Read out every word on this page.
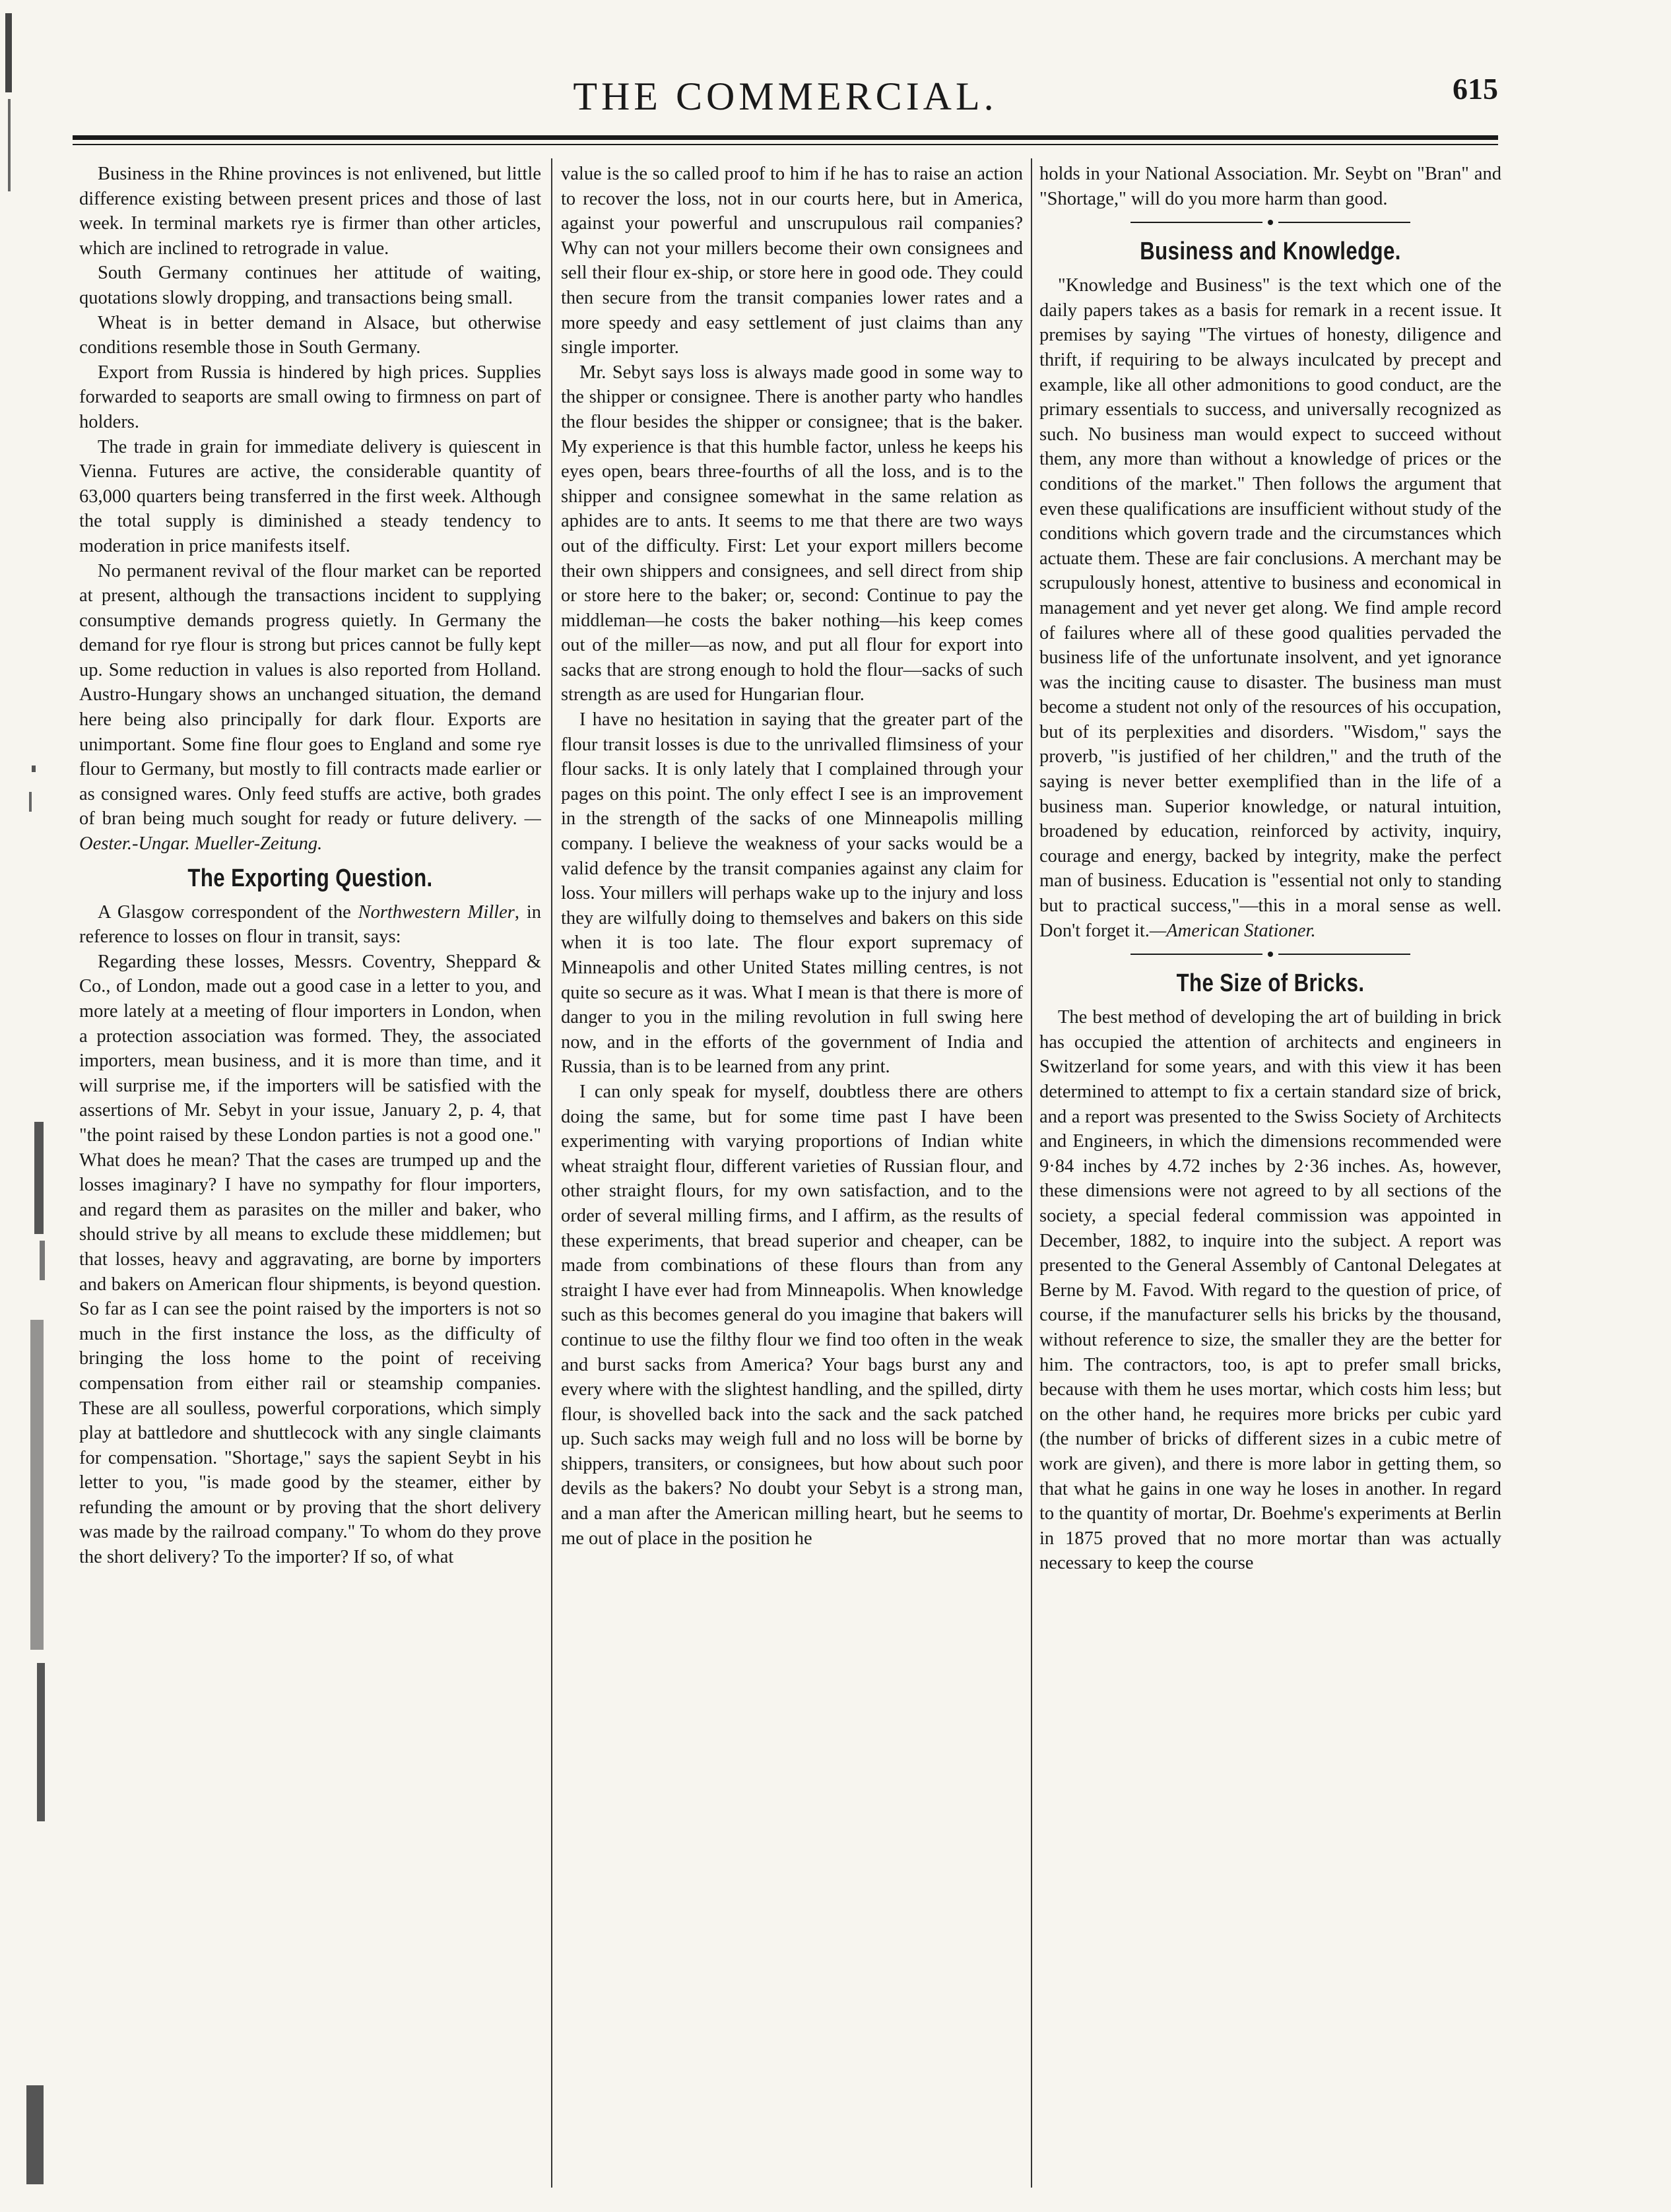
THE COMMERCIAL.	615

Business in the Rhine provinces is not enlivened, but little difference existing between present prices and those of last week. In terminal markets rye is firmer than other articles, which are inclined to retrograde in value.

South Germany continues her attitude of waiting, quotations slowly dropping, and transactions being small.

Wheat is in better demand in Alsace, but otherwise conditions resemble those in South Germany.

Export from Russia is hindered by high prices. Supplies forwarded to seaports are small owing to firmness on part of holders.

The trade in grain for immediate delivery is quiescent in Vienna. Futures are active, the considerable quantity of 63,000 quarters being transferred in the first week. Although the total supply is diminished a steady tendency to moderation in price manifests itself.

No permanent revival of the flour market can be reported at present, although the transactions incident to supplying consumptive demands progress quietly. In Germany the demand for rye flour is strong but prices cannot be fully kept up. Some reduction in values is also reported from Holland. Austro-Hungary shows an unchanged situation, the demand here being also principally for dark flour. Exports are unimportant. Some fine flour goes to England and some rye flour to Germany, but mostly to fill contracts made earlier or as consigned wares. Only feed stuffs are active, both grades of bran being much sought for ready or future delivery. —Oester.-Ungar. Mueller-Zeitung.

The Exporting Question.

A Glasgow correspondent of the Northwestern Miller, in reference to losses on flour in transit, says:

Regarding these losses, Messrs. Coventry, Sheppard & Co., of London, made out a good case in a letter to you, and more lately at a meeting of flour importers in London, when a protection association was formed. They, the associated importers, mean business, and it is more than time, and it will surprise me, if the importers will be satisfied with the assertions of Mr. Sebyt in your issue, January 2, p. 4, that "the point raised by these London parties is not a good one." What does he mean? That the cases are trumped up and the losses imaginary? I have no sympathy for flour importers, and regard them as parasites on the miller and baker, who should strive by all means to exclude these middlemen; but that losses, heavy and aggravating, are borne by importers and bakers on American flour shipments, is beyond question. So far as I can see the point raised by the importers is not so much in the first instance the loss, as the difficulty of bringing the loss home to the point of receiving compensation from either rail or steamship companies. These are all soulless, powerful corporations, which simply play at battledore and shuttlecock with any single claimants for compensation. "Shortage," says the sapient Seybt in his letter to you, "is made good by the steamer, either by refunding the amount or by proving that the short delivery was made by the railroad company." To whom do they prove the short delivery? To the importer? If so, of what

value is the so called proof to him if he has to raise an action to recover the loss, not in our courts here, but in America, against your powerful and unscrupulous rail companies? Why can not your millers become their own consignees and sell their flour ex-ship, or store here in good ode. They could then secure from the transit companies lower rates and a more speedy and easy settlement of just claims than any single importer.

Mr. Sebyt says loss is always made good in some way to the shipper or consignee. There is another party who handles the flour besides the shipper or consignee; that is the baker. My experience is that this humble factor, unless he keeps his eyes open, bears three-fourths of all the loss, and is to the shipper and consignee somewhat in the same relation as aphides are to ants. It seems to me that there are two ways out of the difficulty. First: Let your export millers become their own shippers and consignees, and sell direct from ship or store here to the baker; or, second: Continue to pay the middleman—he costs the baker nothing—his keep comes out of the miller—as now, and put all flour for export into sacks that are strong enough to hold the flour—sacks of such strength as are used for Hungarian flour.

I have no hesitation in saying that the greater part of the flour transit losses is due to the unrivalled flimsiness of your flour sacks. It is only lately that I complained through your pages on this point. The only effect I see is an improvement in the strength of the sacks of one Minneapolis milling company. I believe the weakness of your sacks would be a valid defence by the transit companies against any claim for loss. Your millers will perhaps wake up to the injury and loss they are wilfully doing to themselves and bakers on this side when it is too late. The flour export supremacy of Minneapolis and other United States milling centres, is not quite so secure as it was. What I mean is that there is more of danger to you in the miling revolution in full swing here now, and in the efforts of the government of India and Russia, than is to be learned from any print.

I can only speak for myself, doubtless there are others doing the same, but for some time past I have been experimenting with varying proportions of Indian white wheat straight flour, different varieties of Russian flour, and other straight flours, for my own satisfaction, and to the order of several milling firms, and I affirm, as the results of these experiments, that bread superior and cheaper, can be made from combinations of these flours than from any straight I have ever had from Minneapolis. When knowledge such as this becomes general do you imagine that bakers will continue to use the filthy flour we find too often in the weak and burst sacks from America? Your bags burst any and every where with the slightest handling, and the spilled, dirty flour, is shovelled back into the sack and the sack patched up. Such sacks may weigh full and no loss will be borne by shippers, transiters, or consignees, but how about such poor devils as the bakers? No doubt your Sebyt is a strong man, and a man after the American milling heart, but he seems to me out of place in the position he

holds in your National Association. Mr. Seybt on "Bran" and "Shortage," will do you more harm than good.

Business and Knowledge.

"Knowledge and Business" is the text which one of the daily papers takes as a basis for remark in a recent issue. It premises by saying "The virtues of honesty, diligence and thrift, if requiring to be always inculcated by precept and example, like all other admonitions to good conduct, are the primary essentials to success, and universally recognized as such. No business man would expect to succeed without them, any more than without a knowledge of prices or the conditions of the market." Then follows the argument that even these qualifications are insufficient without study of the conditions which govern trade and the circumstances which actuate them. These are fair conclusions. A merchant may be scrupulously honest, attentive to business and economical in management and yet never get along. We find ample record of failures where all of these good qualities pervaded the business life of the unfortunate insolvent, and yet ignorance was the inciting cause to disaster. The business man must become a student not only of the resources of his occupation, but of its perplexities and disorders. "Wisdom," says the proverb, "is justified of her children," and the truth of the saying is never better exemplified than in the life of a business man. Superior knowledge, or natural intuition, broadened by education, reinforced by activity, inquiry, courage and energy, backed by integrity, make the perfect man of business. Education is "essential not only to standing but to practical success,"—this in a moral sense as well. Don't forget it.—American Stationer.

The Size of Bricks.

The best method of developing the art of building in brick has occupied the attention of architects and engineers in Switzerland for some years, and with this view it has been determined to attempt to fix a certain standard size of brick, and a report was presented to the Swiss Society of Architects and Engineers, in which the dimensions recommended were 9·84 inches by 4.72 inches by 2·36 inches. As, however, these dimensions were not agreed to by all sections of the society, a special federal commission was appointed in December, 1882, to inquire into the subject. A report was presented to the General Assembly of Cantonal Delegates at Berne by M. Favod. With regard to the question of price, of course, if the manufacturer sells his bricks by the thousand, without reference to size, the smaller they are the better for him. The contractors, too, is apt to prefer small bricks, because with them he uses mortar, which costs him less; but on the other hand, he requires more bricks per cubic yard (the number of bricks of different sizes in a cubic metre of work are given), and there is more labor in getting them, so that what he gains in one way he loses in another. In regard to the quantity of mortar, Dr. Boehme's experiments at Berlin in 1875 proved that no more mortar than was actually necessary to keep the course
